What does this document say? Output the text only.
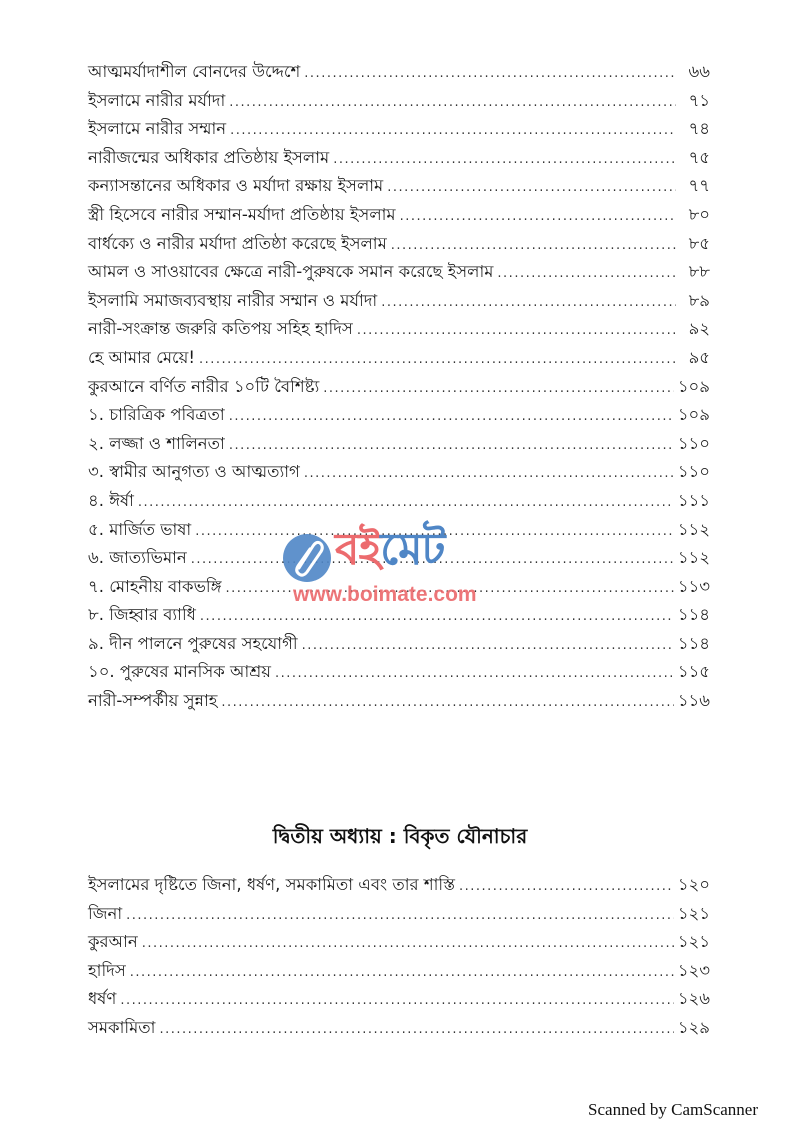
আত্মমর্যাদাশীল বোনদের উদ্দেশে .....	৬৬
ইসলামে নারীর মর্যাদা .....	৭১
ইসলামে নারীর সম্মান .....	৭৪
নারীজন্মের অধিকার প্রতিষ্ঠায় ইসলাম .....	৭৫
কন্যাসন্তানের অধিকার ও মর্যাদা রক্ষায় ইসলাম .....	৭৭
স্ত্রী হিসেবে নারীর সম্মান-মর্যাদা প্রতিষ্ঠায় ইসলাম .....	৮০
বার্ধক্যে ও নারীর মর্যাদা প্রতিষ্ঠা করেছে ইসলাম .....	৮৫
আমল ও সাওয়াবের ক্ষেত্রে নারী-পুরুষকে সমান করেছে ইসলাম .....	৮৮
ইসলামি সমাজব্যবস্থায় নারীর সম্মান ও মর্যাদা .....	৮৯
নারী-সংক্রান্ত জরুরি কতিপয় সহিহ হাদিস .....	৯২
হে আমার মেয়ে! .....	৯৫
কুরআনে বর্ণিত নারীর ১০টি বৈশিষ্ট্য .....	১০৯
১. চারিত্রিক পবিত্রতা .....	১০৯
২. লজ্জা ও শালিনতা .....	১১০
৩. স্বামীর আনুগত্য ও আত্মত্যাগ .....	১১০
৪. ঈর্ষা .....	১১১
৫. মার্জিত ভাষা .....	১১২
৬. জাত্যভিমান .....	১১২
৭. মোহনীয় বাকভঙ্গি .....	১১৩
৮. জিহ্বার ব্যাধি .....	১১৪
৯. দীন পালনে পুরুষের সহযোগী .....	১১৪
১০. পুরুষের মানসিক আশ্রয় .....	১১৫
নারী-সম্পর্কীয় সুন্নাহ .....	১১৬
দ্বিতীয় অধ্যায় : বিকৃত যৌনাচার
ইসলামের দৃষ্টিতে জিনা, ধর্ষণ, সমকামিতা এবং তার শাস্তি .....	১২০
জিনা .....	১২১
কুরআন .....	১২১
হাদিস .....	১২৩
ধর্ষণ .....	১২৬
সমকামিতা .....	১২৯
বইমেট
www.boimate.com
Scanned by CamScanner
